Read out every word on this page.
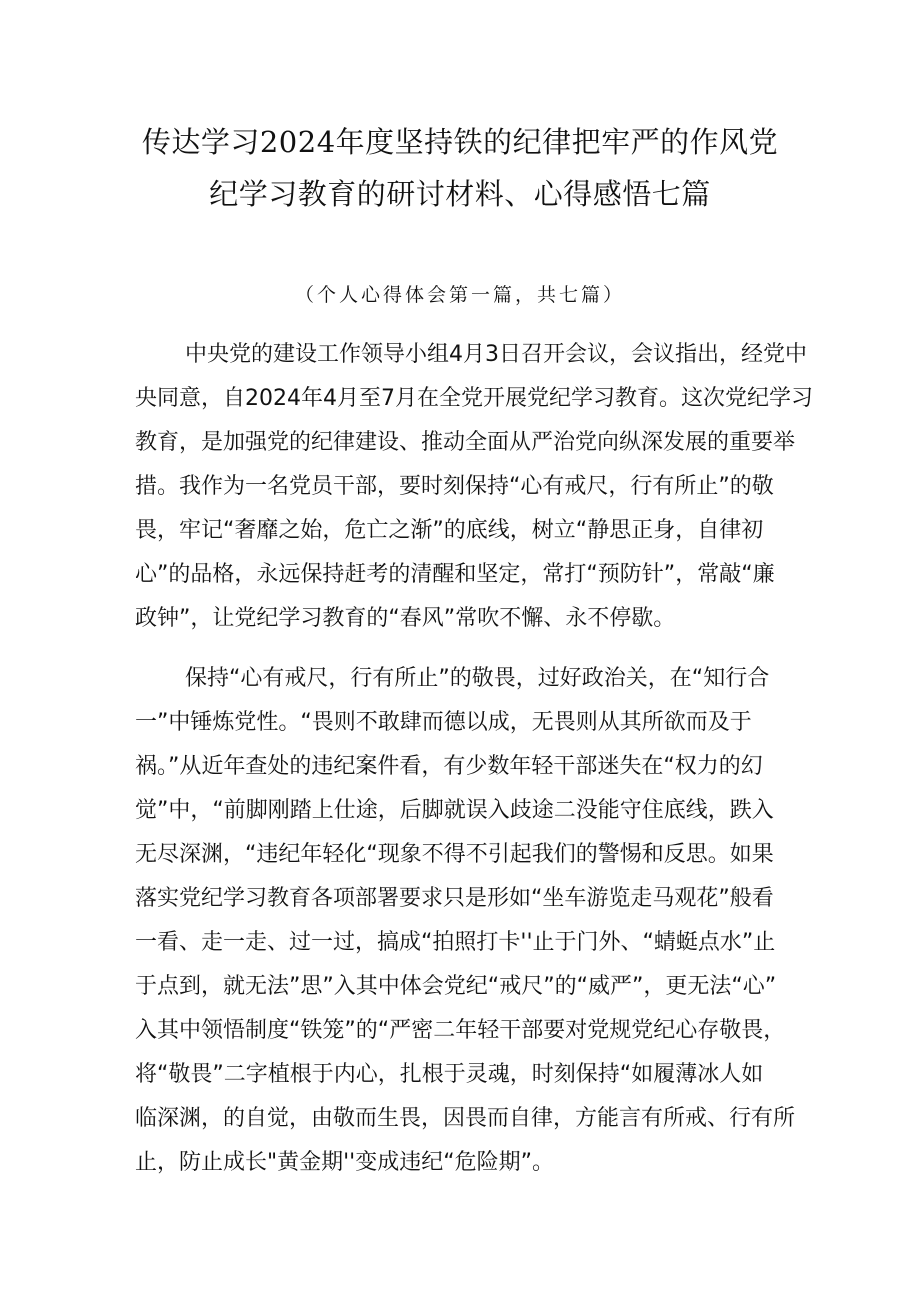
传达学习2024年度坚持铁的纪律把牢严的作风党
纪学习教育的研讨材料、心得感悟七篇
（个人心得体会第一篇，共七篇）
中央党的建设工作领导小组4月3日召开会议，会议指出，经党中
央同意，自2024年4月至7月在全党开展党纪学习教育。这次党纪学习
教育，是加强党的纪律建设、推动全面从严治党向纵深发展的重要举
措。我作为一名党员干部，要时刻保持“心有戒尺，行有所止”的敬
畏，牢记“奢靡之始，危亡之渐”的底线，树立“静思正身，自律初
心”的品格，永远保持赶考的清醒和坚定，常打“预防针”，常敲“廉
政钟”，让党纪学习教育的“春风”常吹不懈、永不停歇。
保持“心有戒尺，行有所止”的敬畏，过好政治关，在“知行合
一”中锤炼党性。“畏则不敢肆而德以成，无畏则从其所欲而及于
祸。”从近年查处的违纪案件看，有少数年轻干部迷失在“权力的幻
觉”中，“前脚刚踏上仕途，后脚就误入歧途二没能守住底线，跌入
无尽深渊，“违纪年轻化“现象不得不引起我们的警惕和反思。如果
落实党纪学习教育各项部署要求只是形如“坐车游览走马观花”般看
一看、走一走、过一过，搞成“拍照打卡''止于门外、“蜻蜓点水”止
于点到，就无法”思”入其中体会党纪“戒尺”的“威严”，更无法“心”
入其中领悟制度“铁笼”的“严密二年轻干部要对党规党纪心存敬畏，
将“敬畏”二字植根于内心，扎根于灵魂，时刻保持“如履薄冰人如
临深渊，的自觉，由敬而生畏，因畏而自律，方能言有所戒、行有所
止，防止成长"黄金期''变成违纪“危险期”。
